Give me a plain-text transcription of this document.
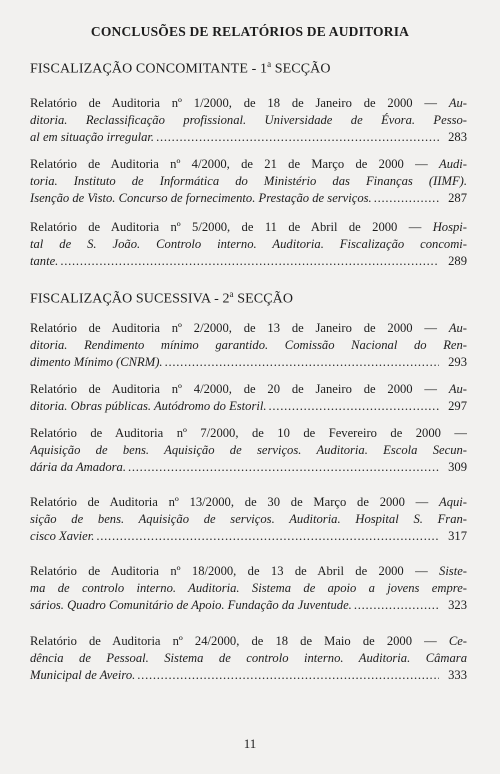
CONCLUSÕES DE RELATÓRIOS DE AUDITORIA
FISCALIZAÇÃO CONCOMITANTE - 1$^a$ SECÇÃO
Relatório de Auditoria nº 1/2000, de 18 de Janeiro de 2000 — Au-
ditoria. Reclassificação profissional. Universidade de Évora. Pesso-
al em situação irregular. . . .	283
Relatório de Auditoria nº 4/2000, de 21 de Março de 2000 — Audi-
toria. Instituto de Informática do Ministério das Finanças (IIMF).
Isenção de Visto. Concurso de fornecimento. Prestação de serviços. . . .	287
Relatório de Auditoria nº 5/2000, de 11 de Abril de 2000 — Hospi-
tal de S. João. Controlo interno. Auditoria. Fiscalização concomi-
tante. . . .	289
FISCALIZAÇÃO SUCESSIVA - 2$^a$ SECÇÃO
Relatório de Auditoria nº 2/2000, de 13 de Janeiro de 2000 — Au-
ditoria. Rendimento mínimo garantido. Comissão Nacional do Ren-
dimento Mínimo (CNRM). . . .	293
Relatório de Auditoria nº 4/2000, de 20 de Janeiro de 2000 — Au-
ditoria. Obras públicas. Autódromo do Estoril. . . .	297
Relatório de Auditoria nº 7/2000, de 10 de Fevereiro de 2000 —
Aquisição de bens. Aquisição de serviços. Auditoria. Escola Secun-
dária da Amadora. . . .	309
Relatório de Auditoria nº 13/2000, de 30 de Março de 2000 — Aqui-
sição de bens. Aquisição de serviços. Auditoria. Hospital S. Fran-
cisco Xavier. . . .	317
Relatório de Auditoria nº 18/2000, de 13 de Abril de 2000 — Siste-
ma de controlo interno. Auditoria. Sistema de apoio a jovens empre-
sários. Quadro Comunitário de Apoio. Fundação da Juventude. . . .	323
Relatório de Auditoria nº 24/2000, de 18 de Maio de 2000 — Ce-
dência de Pessoal. Sistema de controlo interno. Auditoria. Câmara
Municipal de Aveiro. . . .	333
11
